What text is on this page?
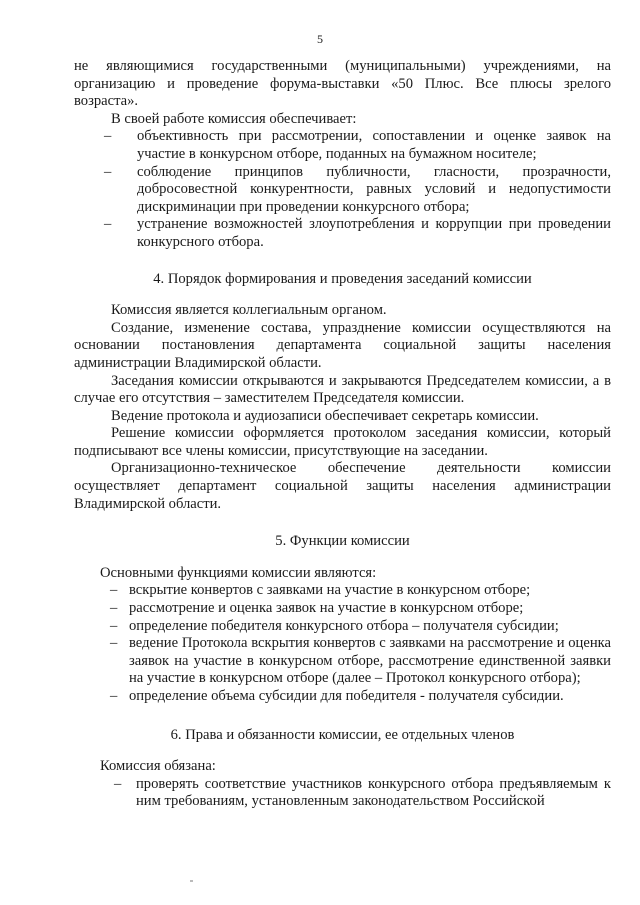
5

не являющимися государственными (муниципальными) учреждениями, на организацию и проведение форума-выставки «50 Плюс. Все плюсы зрелого возраста».

В своей работе комиссия обеспечивает:

– объективность при рассмотрении, сопоставлении и оценке заявок на участие в конкурсном отборе, поданных на бумажном носителе;

– соблюдение принципов публичности, гласности, прозрачности, добросовестной конкурентности, равных условий и недопустимости дискриминации при проведении конкурсного отбора;

– устранение возможностей злоупотребления и коррупции при проведении конкурсного отбора.

4. Порядок формирования и проведения заседаний комиссии

Комиссия является коллегиальным органом.

Создание, изменение состава, упразднение комиссии осуществляются на основании постановления департамента социальной защиты населения администрации Владимирской области.

Заседания комиссии открываются и закрываются Председателем комиссии, а в случае его отсутствия – заместителем Председателя комиссии.

Ведение протокола и аудиозаписи обеспечивает секретарь комиссии.

Решение комиссии оформляется протоколом заседания комиссии, который подписывают все члены комиссии, присутствующие на заседании.

Организационно-техническое обеспечение деятельности комиссии осуществляет департамент социальной защиты населения администрации Владимирской области.

5. Функции комиссии

Основными функциями комиссии являются:

– вскрытие конвертов с заявками на участие в конкурсном отборе;

– рассмотрение и оценка заявок на участие в конкурсном отборе;

– определение победителя конкурсного отбора – получателя субсидии;

– ведение Протокола вскрытия конвертов с заявками на рассмотрение и оценка заявок на участие в конкурсном отборе, рассмотрение единственной заявки на участие в конкурсном отборе (далее – Протокол конкурсного отбора);

– определение объема субсидии для победителя - получателя субсидии.

6. Права и обязанности комиссии, ее отдельных членов

Комиссия обязана:

– проверять соответствие участников конкурсного отбора предъявляемым к ним требованиям, установленным законодательством Российской
